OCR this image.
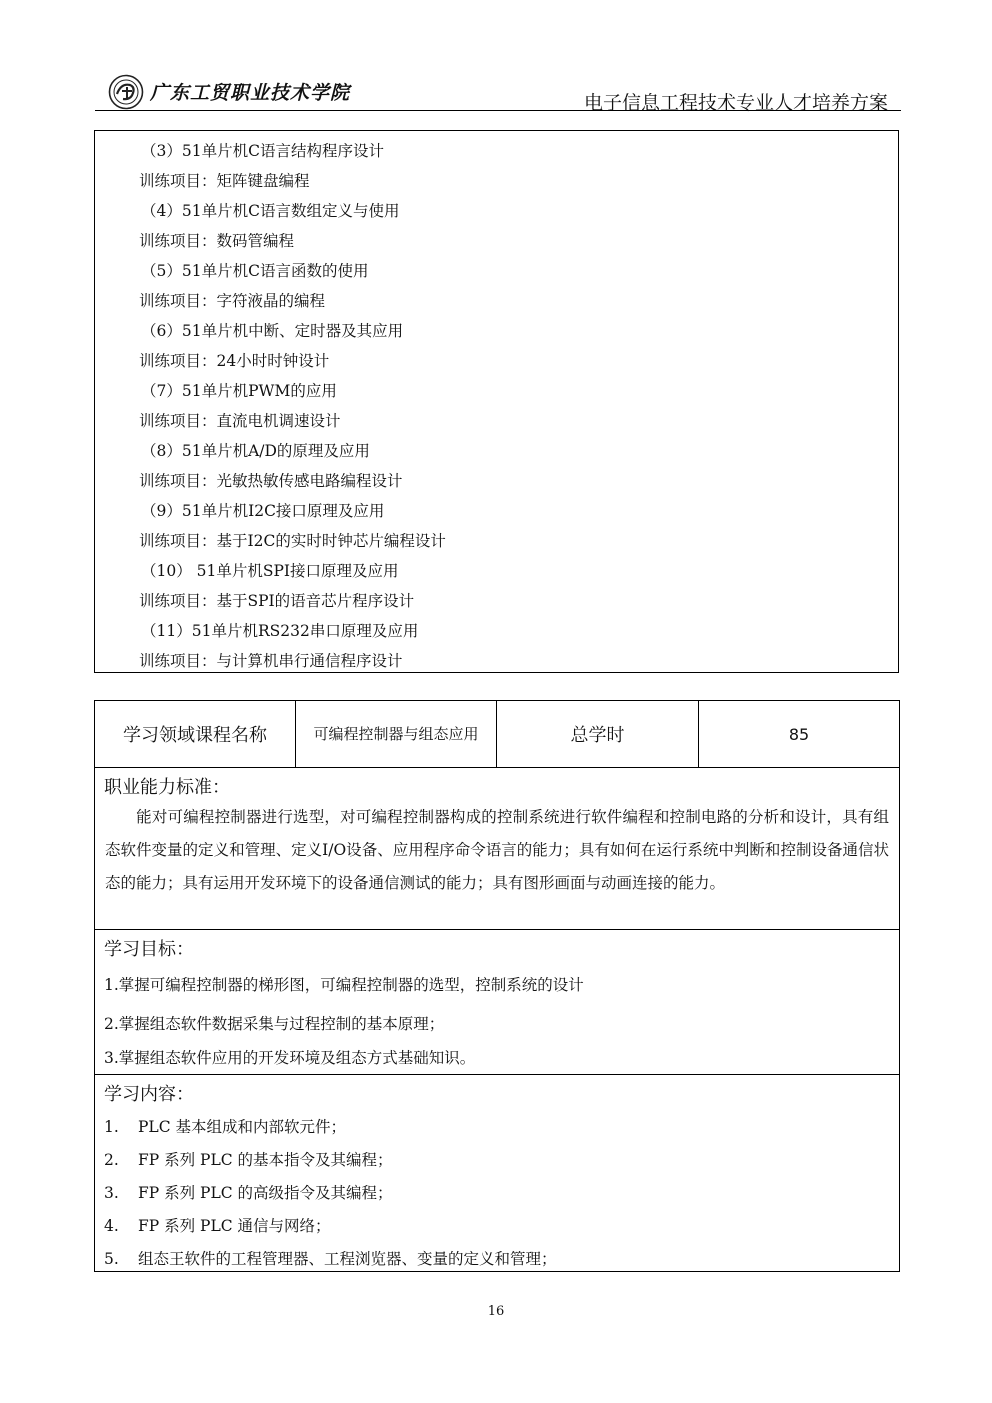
广东工贸职业技术学院	电子信息工程技术专业人才培养方案
（3）51单片机C语言结构程序设计
训练项目：矩阵键盘编程
（4）51单片机C语言数组定义与使用
训练项目：数码管编程
（5）51单片机C语言函数的使用
训练项目：字符液晶的编程
（6）51单片机中断、定时器及其应用
训练项目：24小时时钟设计
（7）51单片机PWM的应用
训练项目：直流电机调速设计
（8）51单片机A/D的原理及应用
训练项目：光敏热敏传感电路编程设计
（9）51单片机I2C接口原理及应用
训练项目：基于I2C的实时时钟芯片编程设计
（10） 51单片机SPI接口原理及应用
训练项目：基于SPI的语音芯片程序设计
（11）51单片机RS232串口原理及应用
训练项目：与计算机串行通信程序设计
学习领域课程名称	可编程控制器与组态应用	总学时	85
职业能力标准：
能对可编程控制器进行选型，对可编程控制器构成的控制系统进行软件编程和控制电路的分析和设计，具有组态软件变量的定义和管理、定义I/O设备、应用程序命令语言的能力；具有如何在运行系统中判断和控制设备通信状态的能力；具有运用开发环境下的设备通信测试的能力；具有图形画面与动画连接的能力。
学习目标：
1.掌握可编程控制器的梯形图，可编程控制器的选型，控制系统的设计
2.掌握组态软件数据采集与过程控制的基本原理；
3.掌握组态软件应用的开发环境及组态方式基础知识。
学习内容：
1. PLC 基本组成和内部软元件；
2. FP 系列 PLC 的基本指令及其编程；
3. FP 系列 PLC 的高级指令及其编程；
4. FP 系列 PLC 通信与网络；
5. 组态王软件的工程管理器、工程浏览器、变量的定义和管理；
16
